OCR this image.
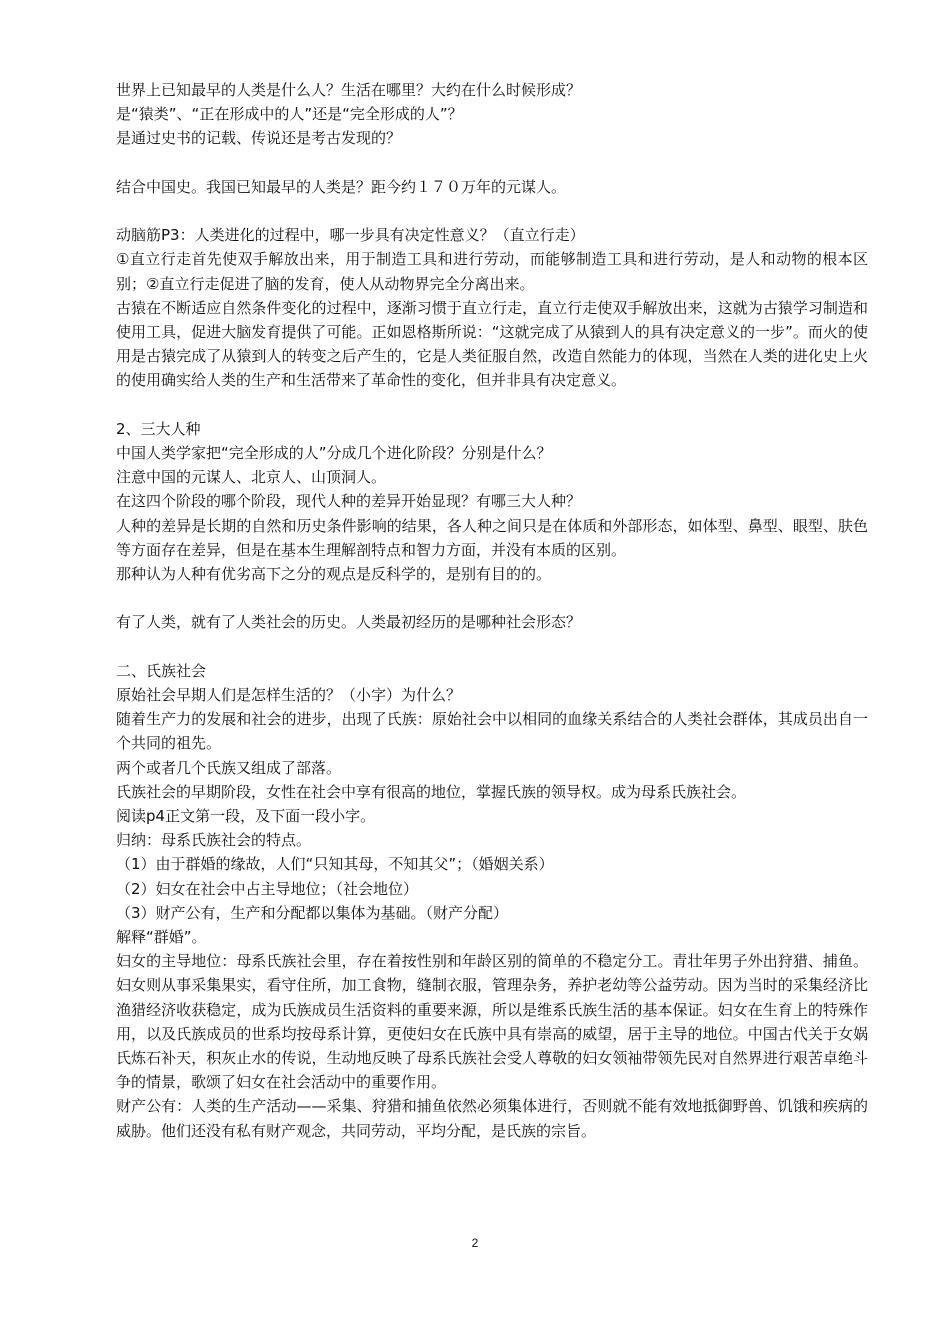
世界上已知最早的人类是什么人？生活在哪里？大约在什么时候形成？

是“猿类”、“正在形成中的人”还是“完全形成的人”？

是通过史书的记载、传说还是考古发现的？

结合中国史。我国已知最早的人类是？距今约１７０万年的元谋人。

动脑筋P3：人类进化的过程中，哪一步具有决定性意义？（直立行走）

①直立行走首先使双手解放出来，用于制造工具和进行劳动，而能够制造工具和进行劳动，是人和动物的根本区别；②直立行走促进了脑的发育，使人从动物界完全分离出来。

古猿在不断适应自然条件变化的过程中，逐渐习惯于直立行走，直立行走使双手解放出来，这就为古猿学习制造和使用工具，促进大脑发育提供了可能。正如恩格斯所说：“这就完成了从猿到人的具有决定意义的一步”。而火的使用是古猿完成了从猿到人的转变之后产生的，它是人类征服自然，改造自然能力的体现，当然在人类的进化史上火的使用确实给人类的生产和生活带来了革命性的变化，但并非具有决定意义。

2、三大人种

中国人类学家把“完全形成的人”分成几个进化阶段？分别是什么？

注意中国的元谋人、北京人、山顶洞人。

在这四个阶段的哪个阶段，现代人种的差异开始显现？有哪三大人种？

人种的差异是长期的自然和历史条件影响的结果，各人种之间只是在体质和外部形态，如体型、鼻型、眼型、肤色等方面存在差异，但是在基本生理解剖特点和智力方面，并没有本质的区别。

那种认为人种有优劣高下之分的观点是反科学的，是别有目的的。

有了人类，就有了人类社会的历史。人类最初经历的是哪种社会形态？

二、氏族社会

原始社会早期人们是怎样生活的？（小字）为什么？

随着生产力的发展和社会的进步，出现了氏族：原始社会中以相同的血缘关系结合的人类社会群体，其成员出自一个共同的祖先。

两个或者几个氏族又组成了部落。

氏族社会的早期阶段，女性在社会中享有很高的地位，掌握氏族的领导权。成为母系氏族社会。

阅读p4正文第一段，及下面一段小字。

归纳：母系氏族社会的特点。

（1）由于群婚的缘故，人们“只知其母，不知其父”；（婚姻关系）

（2）妇女在社会中占主导地位；（社会地位）

（3）财产公有，生产和分配都以集体为基础。（财产分配）

解释“群婚”。

妇女的主导地位：母系氏族社会里，存在着按性别和年龄区别的简单的不稳定分工。青壮年男子外出狩猎、捕鱼。妇女则从事采集果实，看守住所，加工食物，缝制衣服，管理杂务，养护老幼等公益劳动。因为当时的采集经济比渔猎经济收获稳定，成为氏族成员生活资料的重要来源，所以是维系氏族生活的基本保证。妇女在生育上的特殊作用，以及氏族成员的世系均按母系计算，更使妇女在氏族中具有崇高的威望，居于主导的地位。中国古代关于女娲氏炼石补天，积灰止水的传说，生动地反映了母系氏族社会受人尊敬的妇女领袖带领先民对自然界进行艰苦卓绝斗争的情景，歌颂了妇女在社会活动中的重要作用。

财产公有：人类的生产活动——采集、狩猎和捕鱼依然必须集体进行，否则就不能有效地抵御野兽、饥饿和疾病的威胁。他们还没有私有财产观念，共同劳动，平均分配，是氏族的宗旨。

2
